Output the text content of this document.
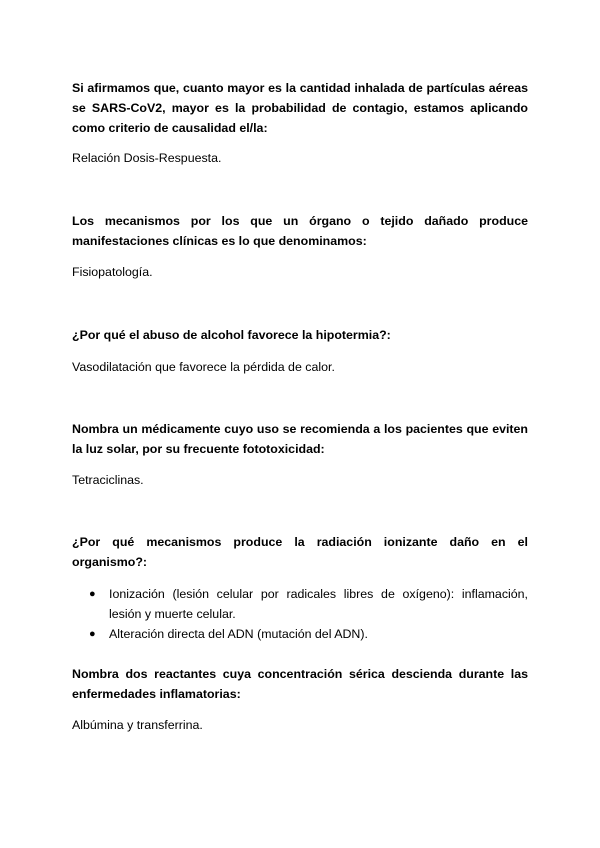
Si afirmamos que, cuanto mayor es la cantidad inhalada de partículas aéreas se SARS-CoV2, mayor es la probabilidad de contagio, estamos aplicando como criterio de causalidad el/la:

Relación Dosis-Respuesta.

Los mecanismos por los que un órgano o tejido dañado produce manifestaciones clínicas es lo que denominamos:

Fisiopatología.

¿Por qué el abuso de alcohol favorece la hipotermia?:

Vasodilatación que favorece la pérdida de calor.

Nombra un médicamente cuyo uso se recomienda a los pacientes que eviten la luz solar, por su frecuente fototoxicidad:

Tetraciclinas.

¿Por qué mecanismos produce la radiación ionizante daño en el organismo?:

● Ionización (lesión celular por radicales libres de oxígeno): inflamación, lesión y muerte celular.
● Alteración directa del ADN (mutación del ADN).

Nombra dos reactantes cuya concentración sérica descienda durante las enfermedades inflamatorias:

Albúmina y transferrina.
